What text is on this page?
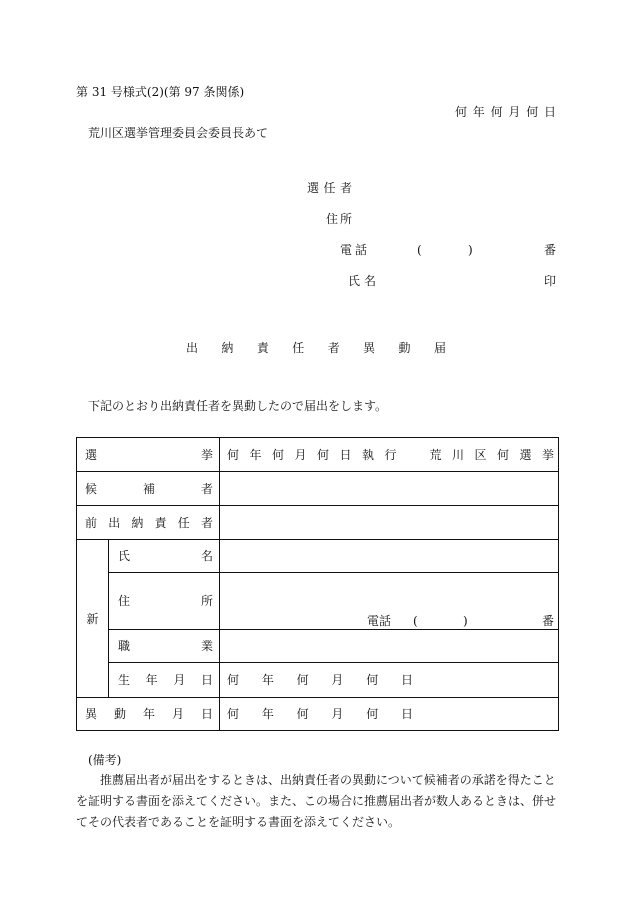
第 31 号様式(2)(第 97 条関係)
何年何月何日
荒川区選挙管理委員会委員長あて
選任者
住所
電話	(	)	番
氏名	印
出納責任者異動届
下記のとおり出納責任者を異動したので届出をします。
選挙		何年何月何日執行　荒川区何選挙

候補者		

前出納責任者		

新	氏名	

	住所	電話 ( ) 番

	職業	

	生年月日	何年何月何日

異動年月日		何年何月何日
(備考)
推薦届出者が届出をするときは、出納責任者の異動について候補者の承諾を得たこと
を証明する書面を添えてください。また、この場合に推薦届出者が数人あるときは、併せ
てその代表者であることを証明する書面を添えてください。
